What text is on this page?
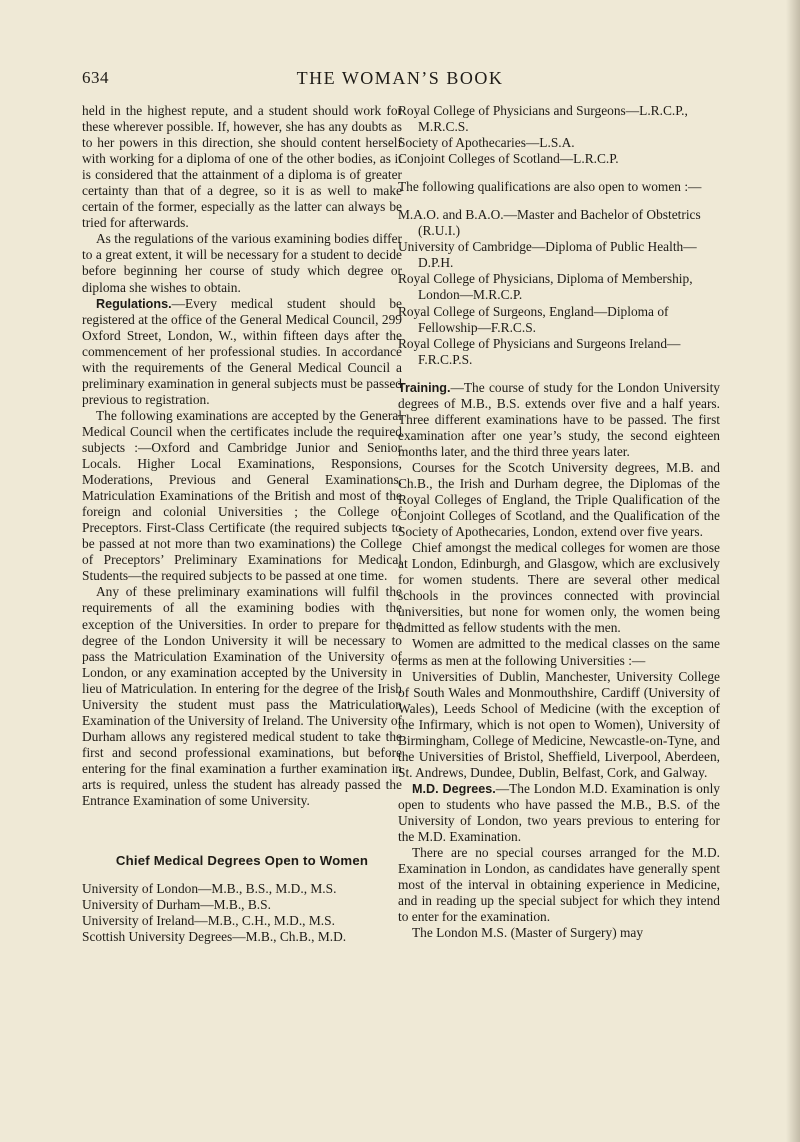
634	THE WOMAN’S BOOK

held in the highest repute, and a student should work for these wherever possible. If, however, she has any doubts as to her powers in this direction, she should content herself with working for a diploma of one of the other bodies, as it is considered that the attainment of a diploma is of greater certainty than that of a degree, so it is as well to make certain of the former, especially as the latter can always be tried for afterwards.

As the regulations of the various examining bodies differ to a great extent, it will be necessary for a student to decide before beginning her course of study which degree or diploma she wishes to obtain.

Regulations.—Every medical student should be registered at the office of the General Medical Council, 299 Oxford Street, London, W., within fifteen days after the commencement of her professional studies. In accordance with the requirements of the General Medical Council a preliminary examination in general subjects must be passed previous to registration.

The following examinations are accepted by the General Medical Council when the certificates include the required subjects :—Oxford and Cambridge Junior and Senior Locals. Higher Local Examinations, Responsions, Moderations, Previous and General Examinations, Matriculation Examinations of the British and most of the foreign and colonial Universities ; the College of Preceptors. First-Class Certificate (the required subjects to be passed at not more than two examinations) the College of Preceptors’ Preliminary Examinations for Medical Students—the required subjects to be passed at one time.

Any of these preliminary examinations will fulfil the requirements of all the examining bodies with the exception of the Universities. In order to prepare for the degree of the London University it will be necessary to pass the Matriculation Examination of the University of London, or any examination accepted by the University in lieu of Matriculation. In entering for the degree of the Irish University the student must pass the Matriculation Examination of the University of Ireland. The University of Durham allows any registered medical student to take the first and second professional examinations, but before entering for the final examination a further examination in arts is required, unless the student has already passed the Entrance Examination of some University.

Chief Medical Degrees Open to Women

University of London—M.B., B.S., M.D., M.S.

University of Durham—M.B., B.S.

University of Ireland—M.B., C.H., M.D., M.S.

Scottish University Degrees—M.B., Ch.B., M.D.

Royal College of Physicians and Surgeons—L.R.C.P., M.R.C.S.

Society of Apothecaries—L.S.A.

Conjoint Colleges of Scotland—L.R.C.P.

The following qualifications are also open to women :—

M.A.O. and B.A.O.—Master and Bachelor of Obstetrics (R.U.I.)

University of Cambridge—Diploma of Public Health—D.P.H.

Royal College of Physicians, Diploma of Membership, London—M.R.C.P.

Royal College of Surgeons, England—Diploma of Fellowship—F.R.C.S.

Royal College of Physicians and Surgeons Ireland—F.R.C.P.S.

Training.—The course of study for the London University degrees of M.B., B.S. extends over five and a half years. Three different examinations have to be passed. The first examination after one year’s study, the second eighteen months later, and the third three years later.

Courses for the Scotch University degrees, M.B. and Ch.B., the Irish and Durham degree, the Diplomas of the Royal Colleges of England, the Triple Qualification of the Conjoint Colleges of Scotland, and the Qualification of the Society of Apothecaries, London, extend over five years.

Chief amongst the medical colleges for women are those at London, Edinburgh, and Glasgow, which are exclusively for women students. There are several other medical schools in the provinces connected with provincial universities, but none for women only, the women being admitted as fellow students with the men.

Women are admitted to the medical classes on the same terms as men at the following Universities :—

Universities of Dublin, Manchester, University College of South Wales and Monmouthshire, Cardiff (University of Wales), Leeds School of Medicine (with the exception of the Infirmary, which is not open to Women), University of Birmingham, College of Medicine, Newcastle-on-Tyne, and the Universities of Bristol, Sheffield, Liverpool, Aberdeen, St. Andrews, Dundee, Dublin, Belfast, Cork, and Galway.

M.D. Degrees.—The London M.D. Examination is only open to students who have passed the M.B., B.S. of the University of London, two years previous to entering for the M.D. Examination.

There are no special courses arranged for the M.D. Examination in London, as candidates have generally spent most of the interval in obtaining experience in Medicine, and in reading up the special subject for which they intend to enter for the examination.

The London M.S. (Master of Surgery) may
